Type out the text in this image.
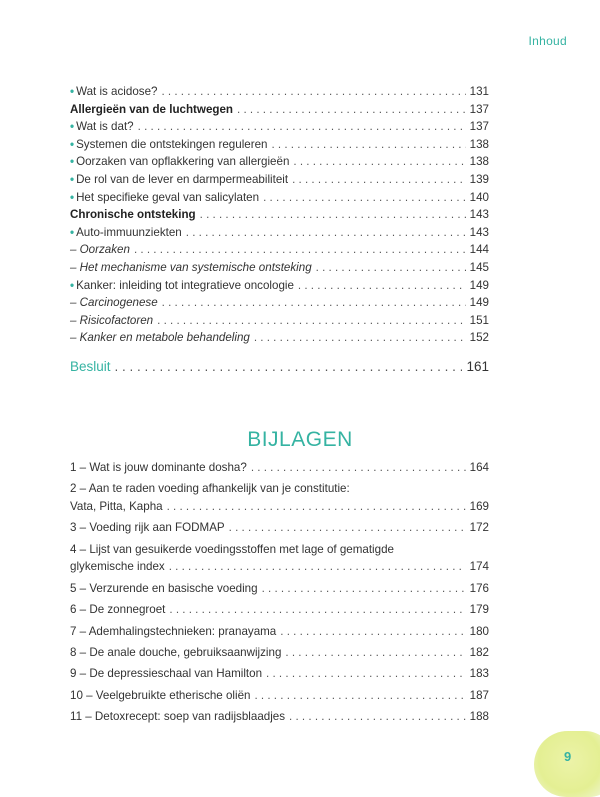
Inhoud
• Wat is acidose? . . .	131
Allergieën van de luchtwegen . . .	137
• Wat is dat? . . .	137
• Systemen die ontstekingen reguleren . . .	138
• Oorzaken van opflakkering van allergieën . . .	138
• De rol van de lever en darmpermeabiliteit . . .	139
• Het specifieke geval van salicylaten . . .	140
Chronische ontsteking . . .	143
• Auto-immuunziekten . . .	143
– Oorzaken . . .	144
– Het mechanisme van systemische ontsteking . . .	145
• Kanker: inleiding tot integratieve oncologie . . .	149
– Carcinogenese . . .	149
– Risicofactoren . . .	151
– Kanker en metabole behandeling . . .	152
Besluit . . .	161
BIJLAGEN
1 – Wat is jouw dominante dosha? . . .	164
2 – Aan te raden voeding afhankelijk van je constitutie:
Vata, Pitta, Kapha . . .	169
3 – Voeding rijk aan FODMAP . . .	172
4 – Lijst van gesuikerde voedingsstoffen met lage of gematigde
glykemische index . . .	174
5 – Verzurende en basische voeding . . .	176
6 – De zonnegroet . . .	179
7 – Ademhalingstechnieken: pranayama . . .	180
8 – De anale douche, gebruiksaanwijzing . . .	182
9 – De depressieschaal van Hamilton . . .	183
10 – Veelgebruikte etherische oliën . . .	187
11 – Detoxrecept: soep van radijsblaadjes . . .	188
9
